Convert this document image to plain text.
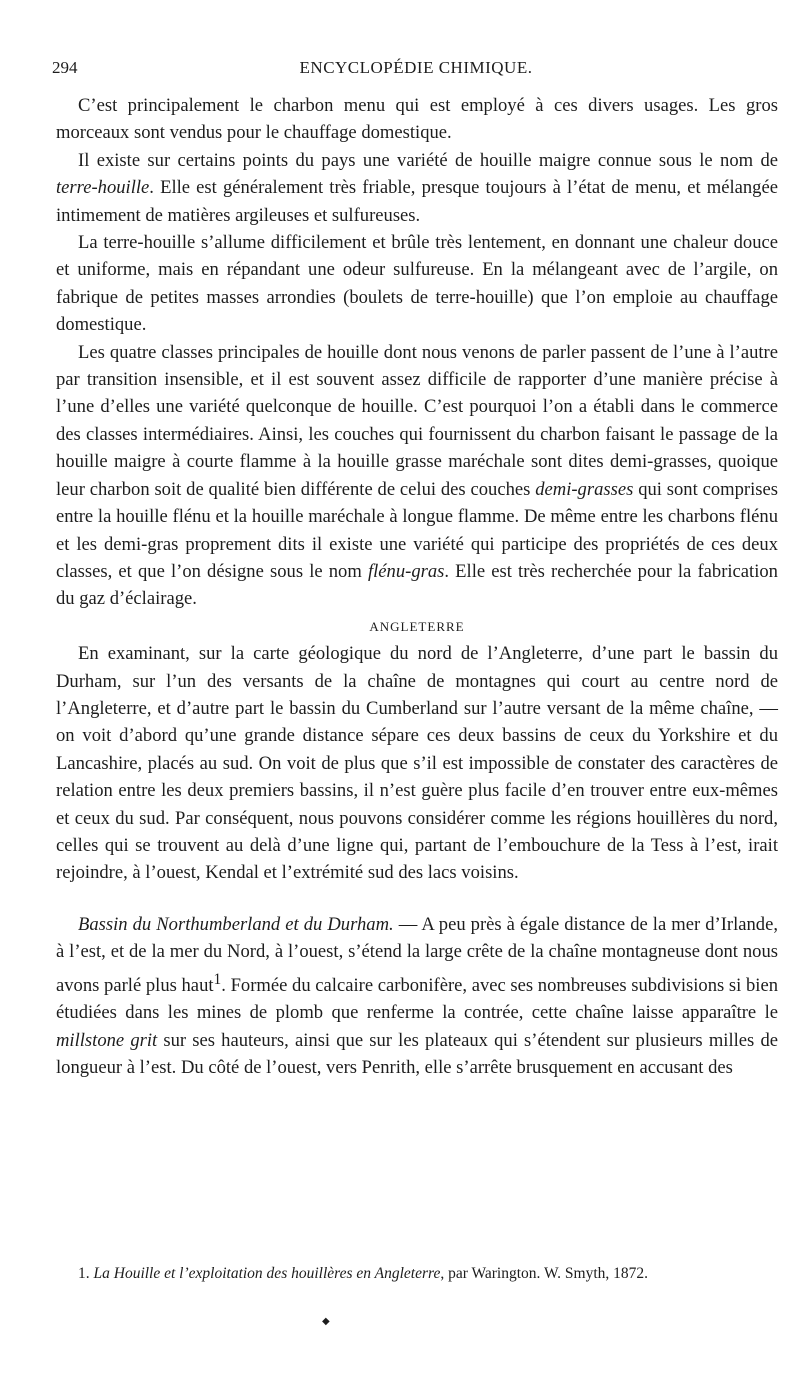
294	ENCYCLOPÉDIE CHIMIQUE.

C’est principalement le charbon menu qui est employé à ces divers usages. Les gros morceaux sont vendus pour le chauffage domestique.

Il existe sur certains points du pays une variété de houille maigre connue sous le nom de terre-houille. Elle est généralement très friable, presque toujours à l’état de menu, et mélangée intimement de matières argileuses et sulfureuses.

La terre-houille s’allume difficilement et brûle très lentement, en donnant une chaleur douce et uniforme, mais en répandant une odeur sulfureuse. En la mélangeant avec de l’argile, on fabrique de petites masses arrondies (boulets de terre-houille) que l’on emploie au chauffage domestique.

Les quatre classes principales de houille dont nous venons de parler passent de l’une à l’autre par transition insensible, et il est souvent assez difficile de rapporter d’une manière précise à l’une d’elles une variété quelconque de houille. C’est pourquoi l’on a établi dans le commerce des classes intermédiaires. Ainsi, les couches qui fournissent du charbon faisant le passage de la houille maigre à courte flamme à la houille grasse maréchale sont dites demi-grasses, quoique leur charbon soit de qualité bien différente de celui des couches demi-grasses qui sont comprises entre la houille flénu et la houille maréchale à longue flamme. De même entre les charbons flénu et les demi-gras proprement dits il existe une variété qui participe des propriétés de ces deux classes, et que l’on désigne sous le nom flénu-gras. Elle est très recherchée pour la fabrication du gaz d’éclairage.

ANGLETERRE

En examinant, sur la carte géologique du nord de l’Angleterre, d’une part le bassin du Durham, sur l’un des versants de la chaîne de montagnes qui court au centre nord de l’Angleterre, et d’autre part le bassin du Cumberland sur l’autre versant de la même chaîne, — on voit d’abord qu’une grande distance sépare ces deux bassins de ceux du Yorkshire et du Lancashire, placés au sud. On voit de plus que s’il est impossible de constater des caractères de relation entre les deux premiers bassins, il n’est guère plus facile d’en trouver entre eux-mêmes et ceux du sud. Par conséquent, nous pouvons considérer comme les régions houillères du nord, celles qui se trouvent au delà d’une ligne qui, partant de l’embouchure de la Tess à l’est, irait rejoindre, à l’ouest, Kendal et l’extrémité sud des lacs voisins.

Bassin du Northumberland et du Durham. — A peu près à égale distance de la mer d’Irlande, à l’est, et de la mer du Nord, à l’ouest, s’étend la large crête de la chaîne montagneuse dont nous avons parlé plus haut$^1$. Formée du calcaire carbonifère, avec ses nombreuses subdivisions si bien étudiées dans les mines de plomb que renferme la contrée, cette chaîne laisse apparaître le millstone grit sur ses hauteurs, ainsi que sur les plateaux qui s’étendent sur plusieurs milles de longueur à l’est. Du côté de l’ouest, vers Penrith, elle s’arrête brusquement en accusant des

1. La Houille et l’exploitation des houillères en Angleterre, par Warington. W. Smyth, 1872.

◆
